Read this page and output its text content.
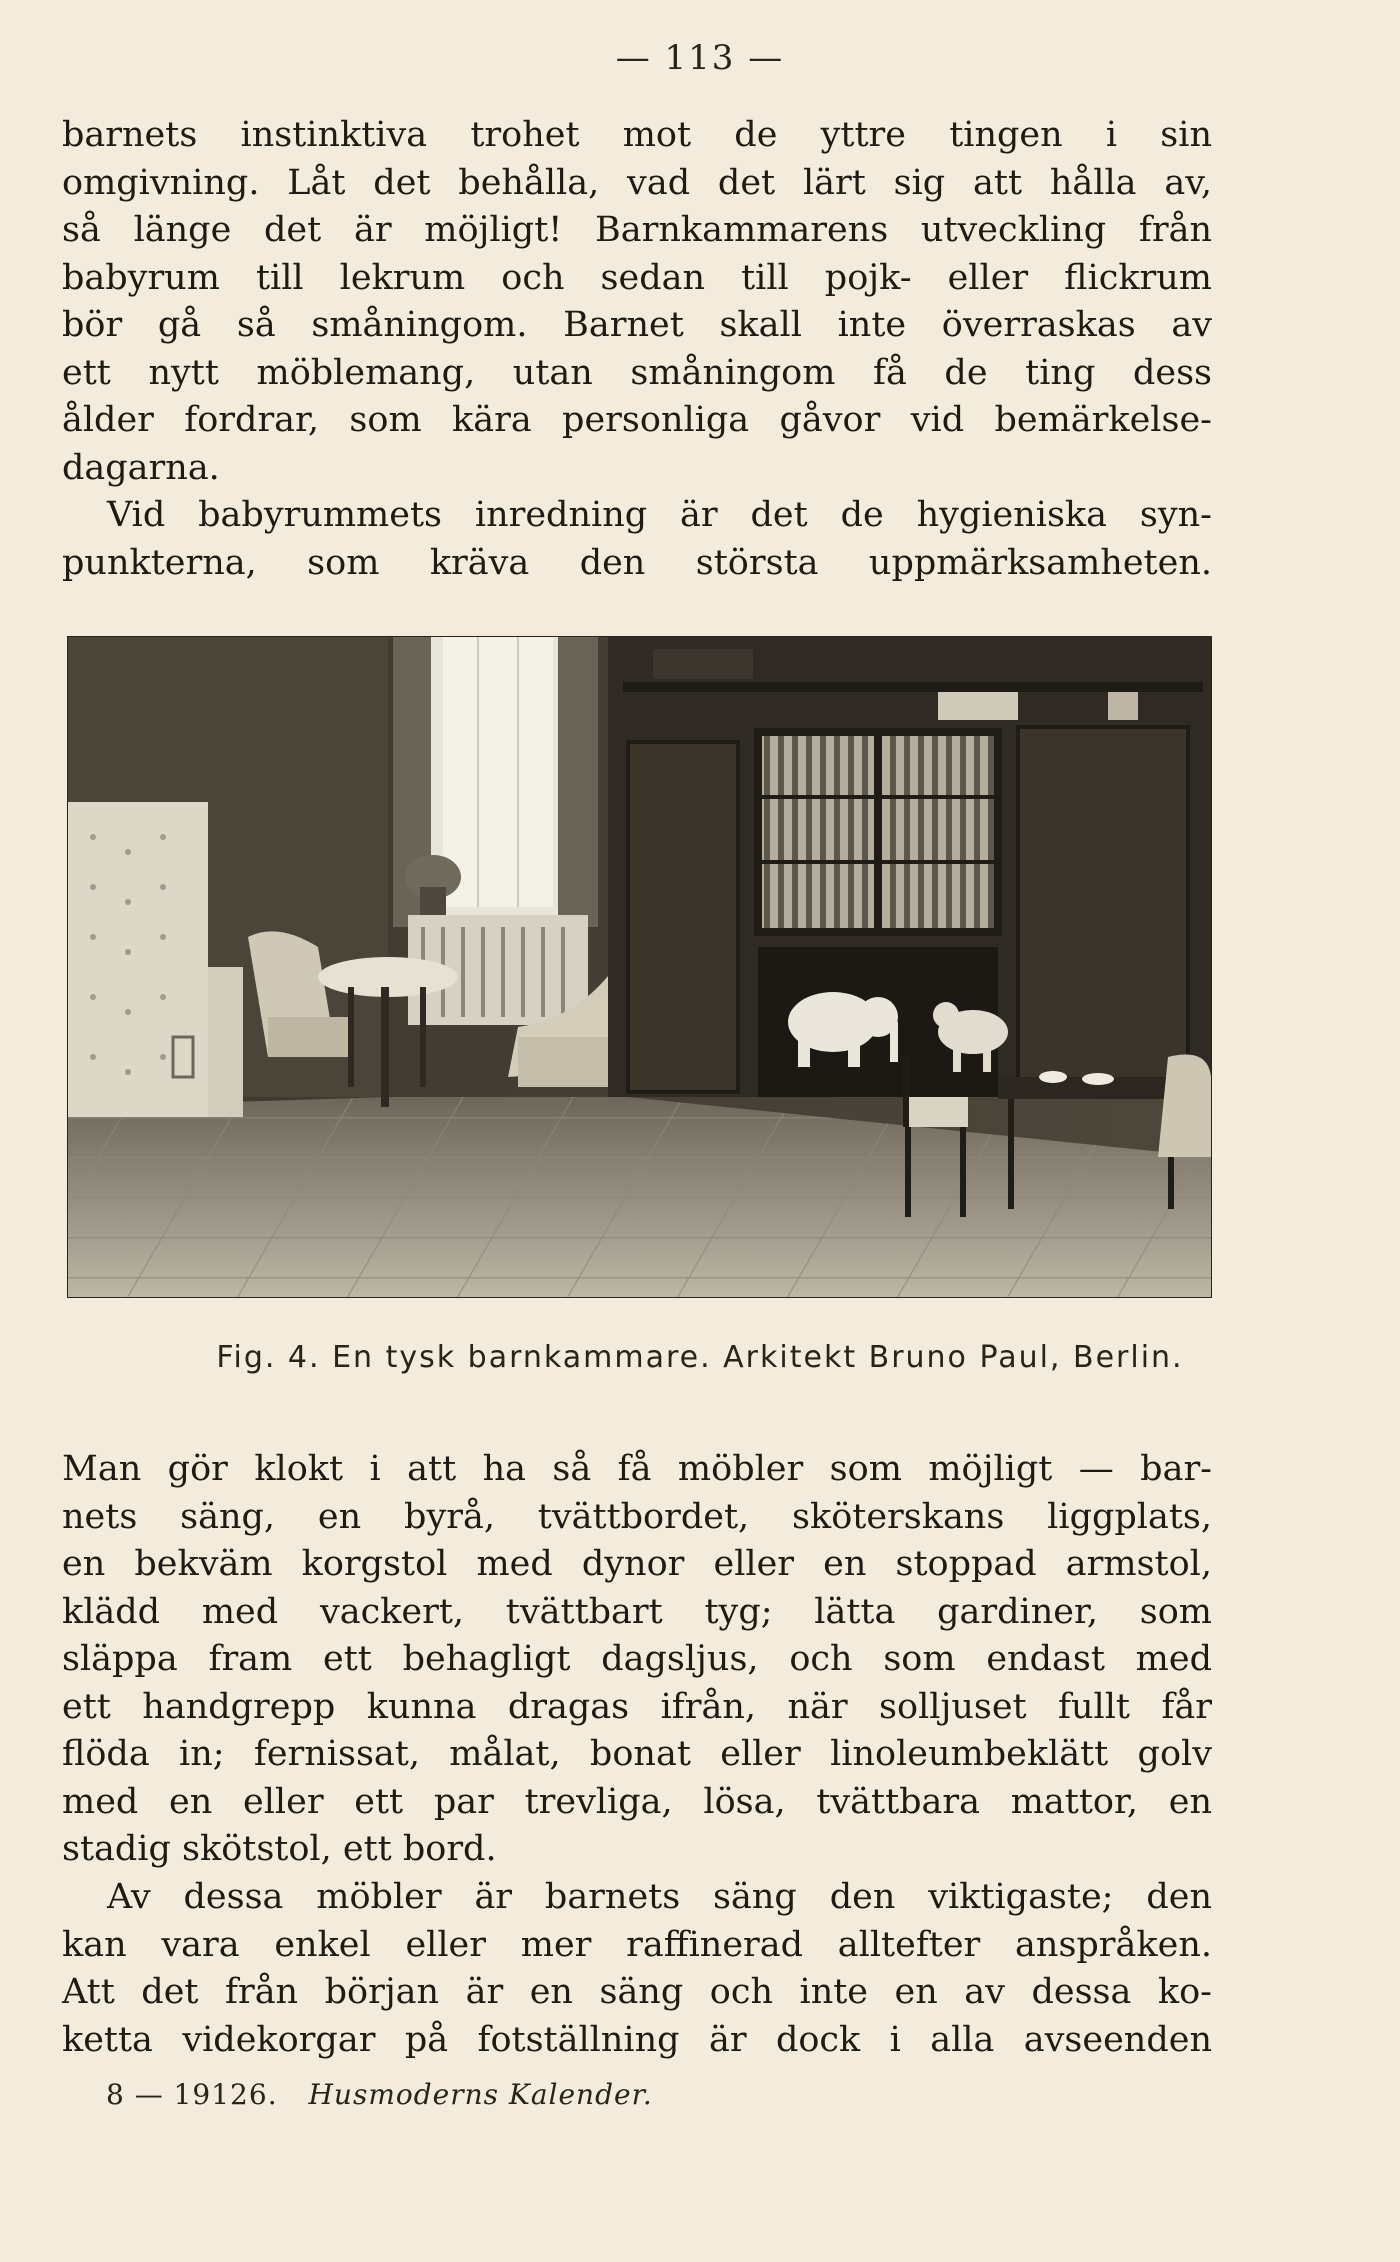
— 113 —
barnets instinktiva trohet mot de yttre tingen i sin
omgivning. Låt det behålla, vad det lärt sig att hålla av,
så länge det är möjligt! Barnkammarens utveckling från
babyrum till lekrum och sedan till pojk- eller flickrum
bör gå så småningom. Barnet skall inte överraskas av
ett nytt möblemang, utan småningom få de ting dess
ålder fordrar, som kära personliga gåvor vid bemärkelse-
dagarna.
Vid babyrummets inredning är det de hygieniska syn-
punkterna, som kräva den största uppmärksamheten.
Fig. 4. En tysk barnkammare. Arkitekt Bruno Paul, Berlin.
Man gör klokt i att ha så få möbler som möjligt — bar-
nets säng, en byrå, tvättbordet, sköterskans liggplats,
en bekväm korgstol med dynor eller en stoppad armstol,
klädd med vackert, tvättbart tyg; lätta gardiner, som
släppa fram ett behagligt dagsljus, och som endast med
ett handgrepp kunna dragas ifrån, när solljuset fullt får
flöda in; fernissat, målat, bonat eller linoleumbeklätt golv
med en eller ett par trevliga, lösa, tvättbara mattor, en
stadig skötstol, ett bord.
Av dessa möbler är barnets säng den viktigaste; den
kan vara enkel eller mer raffinerad alltefter anspråken.
Att det från början är en säng och inte en av dessa ko-
ketta videkorgar på fotställning är dock i alla avseenden
8 — 19126. Husmoderns Kalender.
